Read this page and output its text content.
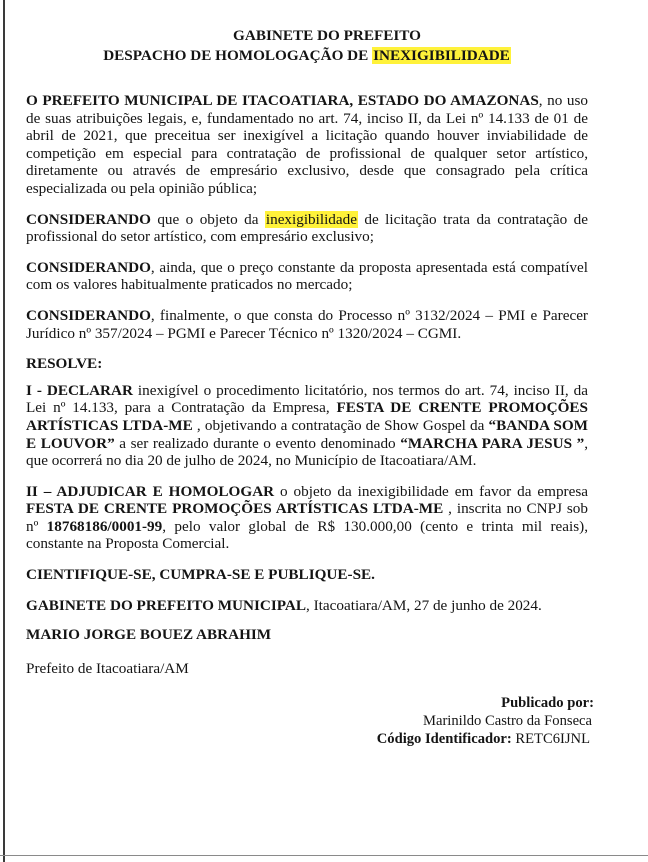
GABINETE DO PREFEITO
DESPACHO DE HOMOLOGAÇÃO DE INEXIGIBILIDADE

O PREFEITO MUNICIPAL DE ITACOATIARA, ESTADO DO AMAZONAS, no uso de suas atribuições legais, e, fundamentado no art. 74, inciso II, da Lei nº 14.133 de 01 de abril de 2021, que preceitua ser inexigível a licitação quando houver inviabilidade de competição em especial para contratação de profissional de qualquer setor artístico, diretamente ou através de empresário exclusivo, desde que consagrado pela crítica especializada ou pela opinião pública;

CONSIDERANDO que o objeto da inexigibilidade de licitação trata da contratação de profissional do setor artístico, com empresário exclusivo;

CONSIDERANDO, ainda, que o preço constante da proposta apresentada está compatível com os valores habitualmente praticados no mercado;

CONSIDERANDO, finalmente, o que consta do Processo nº 3132/2024 – PMI e Parecer Jurídico nº 357/2024 – PGMI e Parecer Técnico nº 1320/2024 – CGMI.

RESOLVE:

I - DECLARAR inexigível o procedimento licitatório, nos termos do art. 74, inciso II, da Lei nº 14.133, para a Contratação da Empresa, FESTA DE CRENTE PROMOÇÕES ARTÍSTICAS LTDA-ME , objetivando a contratação de Show Gospel da “BANDA SOM E LOUVOR” a ser realizado durante o evento denominado “MARCHA PARA JESUS ”, que ocorrerá no dia 20 de julho de 2024, no Município de Itacoatiara/AM.

II – ADJUDICAR E HOMOLOGAR o objeto da inexigibilidade em favor da empresa FESTA DE CRENTE PROMOÇÕES ARTÍSTICAS LTDA-ME , inscrita no CNPJ sob nº 18768186/0001-99, pelo valor global de R$ 130.000,00 (cento e trinta mil reais), constante na Proposta Comercial.

CIENTIFIQUE-SE, CUMPRA-SE E PUBLIQUE-SE.

GABINETE DO PREFEITO MUNICIPAL, Itacoatiara/AM, 27 de junho de 2024.

MARIO JORGE BOUEZ ABRAHIM

Prefeito de Itacoatiara/AM

Publicado por:

Marinildo Castro da Fonseca

Código Identificador: RETC6IJNL
